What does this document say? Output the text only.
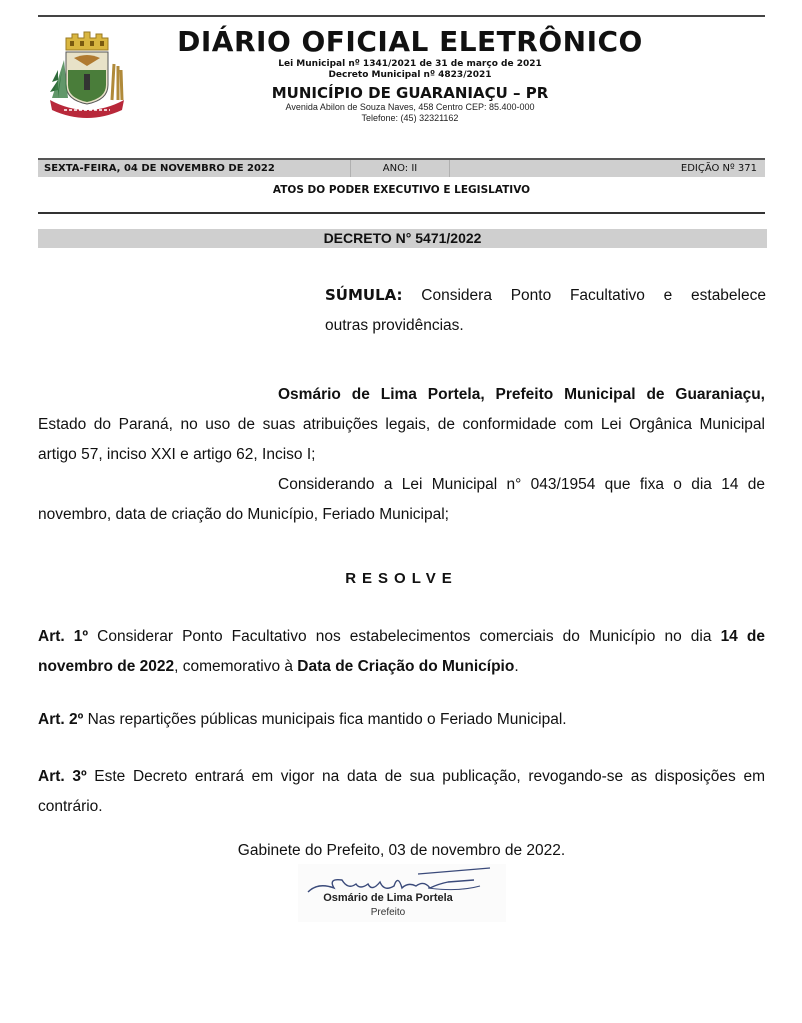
DIÁRIO OFICIAL ELETRÔNICO
Lei Municipal nº 1341/2021 de 31 de março de 2021
Decreto Municipal nº 4823/2021
MUNICÍPIO DE GUARANIAÇU – PR
Avenida Abilon de Souza Naves, 458 Centro CEP: 85.400-000
Telefone: (45) 32321162
SEXTA-FEIRA, 04 DE NOVEMBRO DE 2022	ANO: II	EDIÇÃO Nº 371
ATOS DO PODER EXECUTIVO E LEGISLATIVO
DECRETO N° 5471/2022
SÚMULA: Considera Ponto Facultativo e estabelece
outras providências.
Osmário de Lima Portela, Prefeito Municipal de Guaraniaçu,
Estado do Paraná, no uso de suas atribuições legais, de conformidade com Lei Orgânica Municipal
artigo 57, inciso XXI e artigo 62, Inciso I;
Considerando a Lei Municipal n° 043/1954 que fixa o dia 14 de
novembro, data de criação do Município, Feriado Municipal;
RESOLVE
Art. 1º Considerar Ponto Facultativo nos estabelecimentos comerciais do Município no dia 14 de
novembro de 2022, comemorativo à Data de Criação do Município.
Art. 2º Nas repartições públicas municipais fica mantido o Feriado Municipal.
Art. 3º Este Decreto entrará em vigor na data de sua publicação, revogando-se as disposições em
contrário.
Gabinete do Prefeito, 03 de novembro de 2022.
Osmário de Lima Portela
Prefeito
